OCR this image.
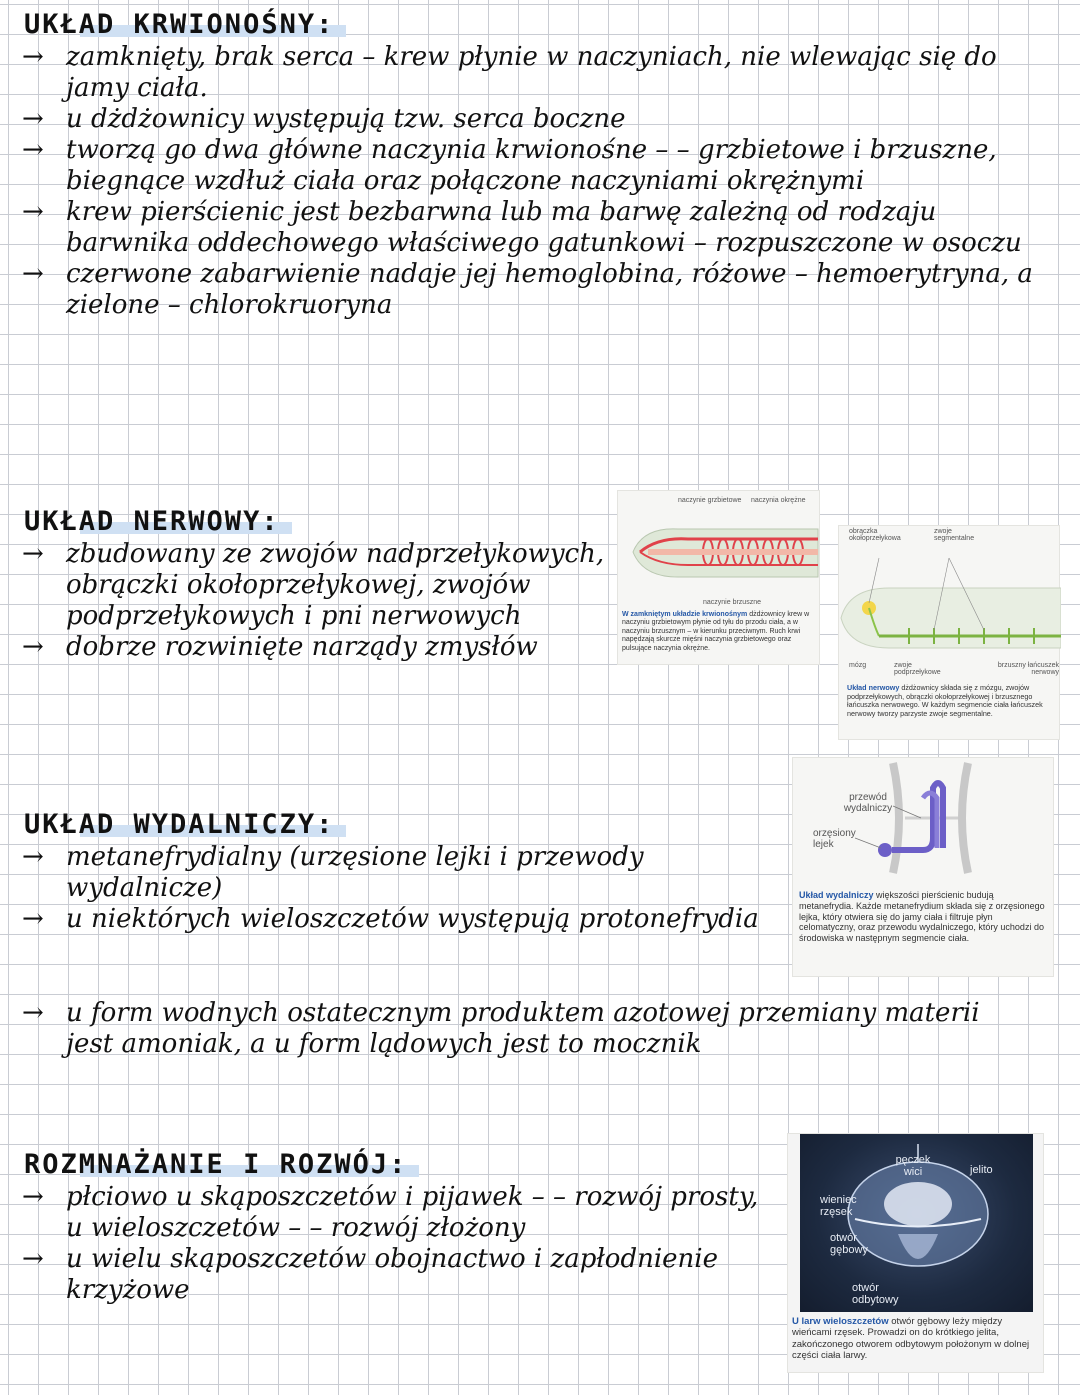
UKŁAD KRWIONOŚNY:
→ zamknięty, brak serca – krew płynie w naczyniach, nie wlewając się do jamy ciała.
→ u dżdżownicy występują tzw. serca boczne
→ tworzą go dwa główne naczynia krwionośne – – grzbietowe i brzuszne, biegnące wzdłuż ciała oraz połączone naczyniami okrężnymi
→ krew pierścienic jest bezbarwna lub ma barwę zależną od rodzaju barwnika oddechowego właściwego gatunkowi – rozpuszczone w osoczu
→ czerwone zabarwienie nadaje jej hemoglobina, różowe – hemoerytryna, a zielone – chlorokruoryna
UKŁAD NERWOWY:
→ zbudowany ze zwojów nadprzełykowych, obrączki okołoprzełykowej, zwojów podprzełykowych i pni nerwowych
→ dobrze rozwinięte narządy zmysłów
UKŁAD WYDALNICZY:
→ metanefrydialny (urzęsione lejki i przewody wydalnicze)
→ u niektórych wieloszczetów występują protonefrydia
→ u form wodnych ostatecznym produktem azotowej przemiany materii jest amoniak, a u form lądowych jest to mocznik
ROZMNAŻANIE I ROZWÓJ:
→ płciowo u skąposzczetów i pijawek – – rozwój prosty, u wieloszczetów – – rozwój złożony
→ u wielu skąposzczetów obojnactwo i zapłodnienie krzyżowe
naczynie grzbietowe naczynia okrężne
naczynie brzuszne
W zamkniętym układzie krwionośnym dżdżownicy krew w naczyniu grzbietowym płynie od tyłu do przodu ciała, a w naczyniu brzusznym – w kierunku przeciwnym. Ruch krwi napędzają skurcze mięśni naczynia grzbietowego oraz pulsujące naczynia okrężne.
obrączka okołoprzełykowa
zwoje segmentalne
mózg	zwoje podprzełykowe
brzuszny łańcuszek nerwowy
Układ nerwowy dżdżownicy składa się z mózgu, zwojów podprzełykowych, obrączki okołoprzełykowej i brzusznego łańcuszka nerwowego. W każdym segmencie ciała łańcuszek nerwowy tworzy parzyste zwoje segmentalne.
przewód wydalniczy
orzęsiony lejek
Układ wydalniczy większości pierścienic budują metanefrydia. Każde metanefrydium składa się z orzęsionego lejka, który otwiera się do jamy ciała i filtruje płyn celomatyczny, oraz przewodu wydalniczego, który uchodzi do środowiska w następnym segmencie ciała.
pęczek wici	jelito
wieniec rzęsek
otwór gębowy
otwór odbytowy
U larw wieloszczetów otwór gębowy leży między wieńcami rzęsek. Prowadzi on do krótkiego jelita, zakończonego otworem odbytowym położonym w dolnej części ciała larwy.
